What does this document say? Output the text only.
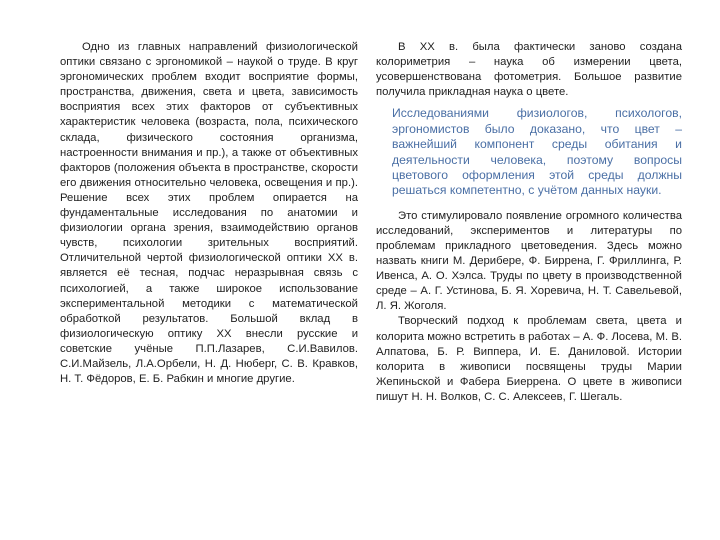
Одно из главных направлений физиологической оптики связано с эргономикой – наукой о труде. В круг эргономических проблем входит восприятие формы, пространства, движения, света и цвета, зависимость восприятия всех этих факторов от субъективных характеристик человека (возраста, пола, психического склада, физического состояния организма, настроенности внимания и пр.), а также от объективных факторов (положения объекта в пространстве, скорости его движения относительно человека, освещения и пр.). Решение всех этих проблем опирается на фундаментальные исследования по анатомии и физиологии органа зрения, взаимодействию органов чувств, психологии зрительных восприятий. Отличительной чертой физиологической оптики XX в. является её тесная, подчас неразрывная связь с психологией, а также широкое использование экспериментальной методики с математической обработкой результатов. Большой вклад в физиологическую оптику XX внесли русские и советские учёные П.П.Лазарев, С.И.Вавилов. С.И.Майзель, Л.А.Орбели, Н. Д. Нюберг, С. В. Кравков, Н. Т. Фёдоров, Е. Б. Рабкин и многие другие.

В XX в. была фактически заново создана колориметрия – наука об измерении цвета, усовершенствована фотометрия. Большое развитие получила прикладная наука о цвете.

Исследованиями физиологов, психологов, эргономистов было доказано, что цвет – важнейший компонент среды обитания и деятельности человека, поэтому вопросы цветового оформления этой среды должны решаться компетентно, с учётом данных науки.

Это стимулировало появление огромного количества исследований, экспериментов и литературы по проблемам прикладного цветоведения. Здесь можно назвать книги М. Дерибере, Ф. Биррена, Г. Фриллинга, Р. Ивенса, А. О. Хэлса. Труды по цвету в производственной среде – А. Г. Устинова, Б. Я. Хоревича, Н. Т. Савельевой, Л. Я. Жоголя.

Творческий подход к проблемам света, цвета и колорита можно встретить в работах – А. Ф. Лосева, М. В. Алпатова, Б. Р. Виппера, И. Е. Даниловой. Истории колорита в живописи посвящены труды Марии Жепиньской и Фабера Биеррена. О цвете в живописи пишут Н. Н. Волков, С. С. Алексеев, Г. Шегаль.
